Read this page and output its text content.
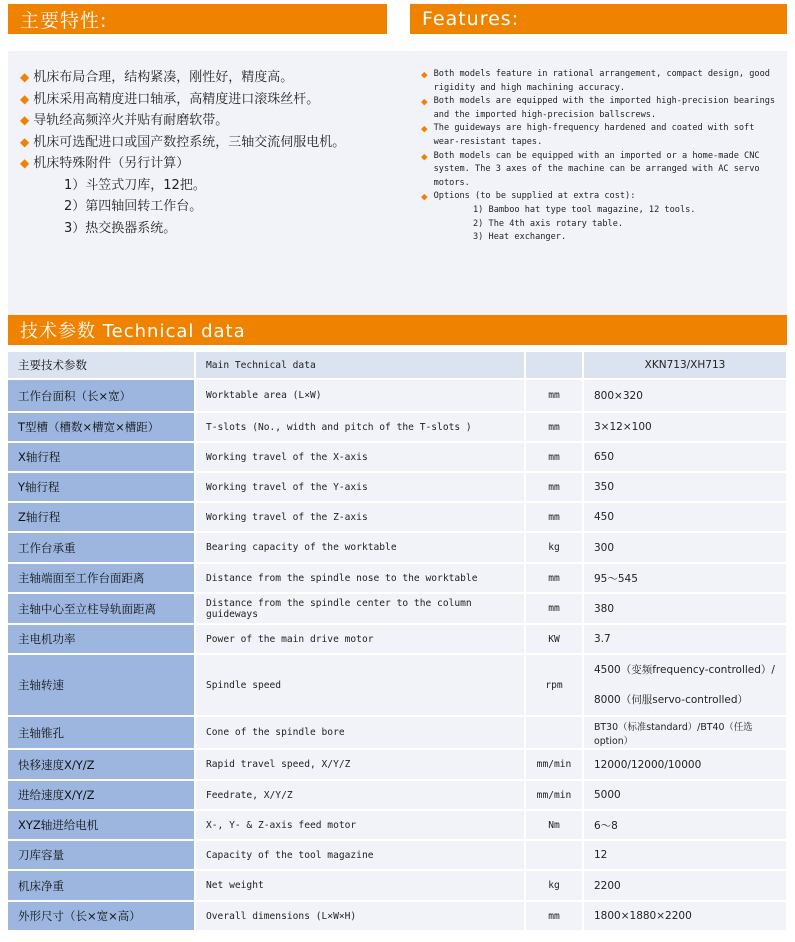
主要特性:	Features:
◆ 机床布局合理，结构紧凑，刚性好，精度高。
◆ 机床采用高精度进口轴承，高精度进口滚珠丝杆。
◆ 导轨经高频淬火并贴有耐磨软带。
◆ 机床可选配进口或国产数控系统，三轴交流伺服电机。
◆ 机床特殊附件（另行计算）
1）斗笠式刀库，12把。
2）第四轴回转工作台。
3）热交换器系统。
◆ Both models feature in rational arrangement, compact design, good rigidity and high machining accuracy.
◆ Both models are equipped with the imported high-precision bearings and the imported high-precision ballscrews.
◆ The guideways are high-frequency hardened and coated with soft wear-resistant tapes.
◆ Both models can be equipped with an imported or a home-made CNC system. The 3 axes of the machine can be arranged with AC servo motors.
◆ Options (to be supplied at extra cost):
1) Bamboo hat type tool magazine, 12 tools.
2) The 4th axis rotary table.
3) Heat exchanger.
技术参数 Technical data
主要技术参数	Main Technical data		XKN713/XH713
工作台面积（长×宽）	Worktable area (L×W)	mm	800×320
T型槽（槽数×槽宽×槽距）	T-slots (No., width and pitch of the T-slots )	mm	3×12×100
X轴行程	Working travel of the X-axis	mm	650
Y轴行程	Working travel of the Y-axis	mm	350
Z轴行程	Working travel of the Z-axis	mm	450
工作台承重	Bearing capacity of the worktable	kg	300
主轴端面至工作台面距离	Distance from the spindle nose to the worktable	mm	95～545
主轴中心至立柱导轨面距离	Distance from the spindle center to the column guideways	mm	380
主电机功率	Power of the main drive motor	KW	3.7
主轴转速	Spindle speed	rpm	4500（变频frequency-controlled）/
8000（伺服servo-controlled）

主轴锥孔	Cone of the spindle bore		BT30（标准standard）/BT40（任选option）
快移速度X/Y/Z	Rapid travel speed, X/Y/Z	mm/min	12000/12000/10000
进给速度X/Y/Z	Feedrate, X/Y/Z	mm/min	5000
XYZ轴进给电机	X-, Y- & Z-axis feed motor	Nm	6～8
刀库容量	Capacity of the tool magazine		12
机床净重	Net weight	kg	2200
外形尺寸（长×宽×高）	Overall dimensions (L×W×H)	mm	1800×1880×2200
